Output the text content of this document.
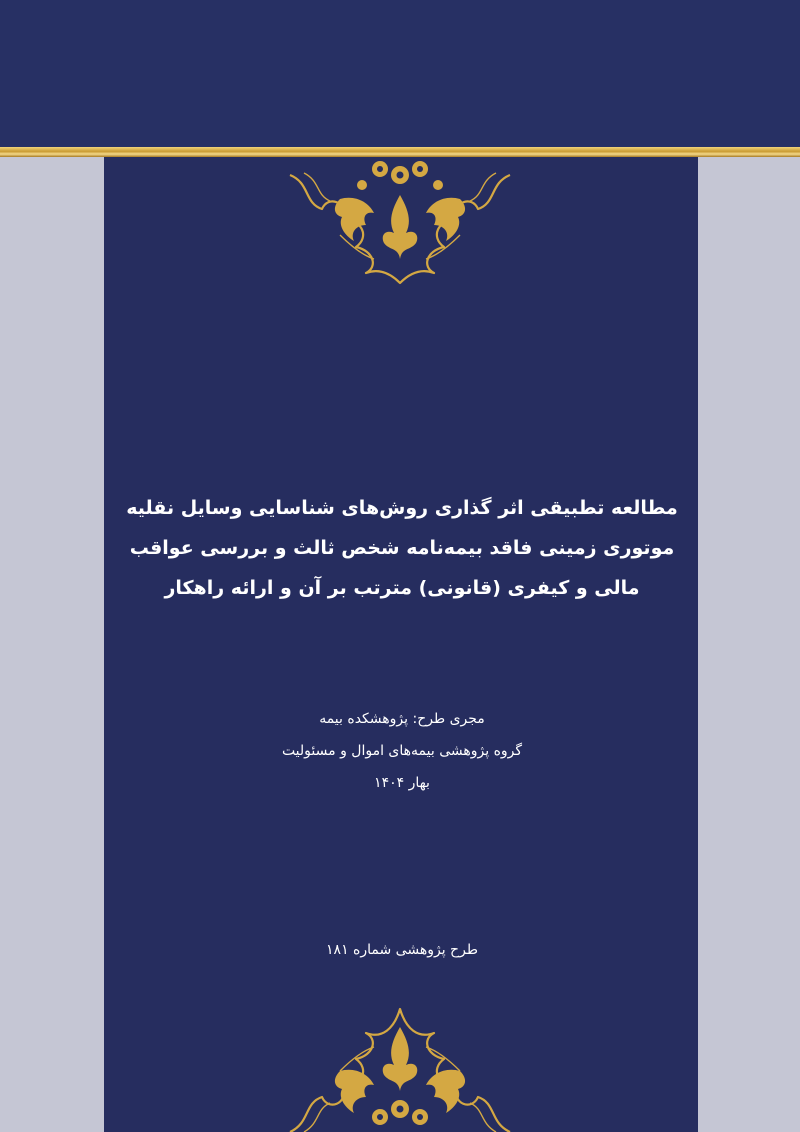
مطالعه تطبیقی اثر گذاری روش‌های شناسایی وسایل نقلیه
موتوری زمینی فاقد بیمه‌نامه شخص ثالث و بررسی عواقب
مالی و کیفری (قانونی) مترتب بر آن و ارائه راهکار
مجری طرح: پژوهشکده بیمه
گروه پژوهشی بیمه‌های اموال و مسئولیت
بهار ۱۴۰۴
طرح پژوهشی شماره ۱۸۱
